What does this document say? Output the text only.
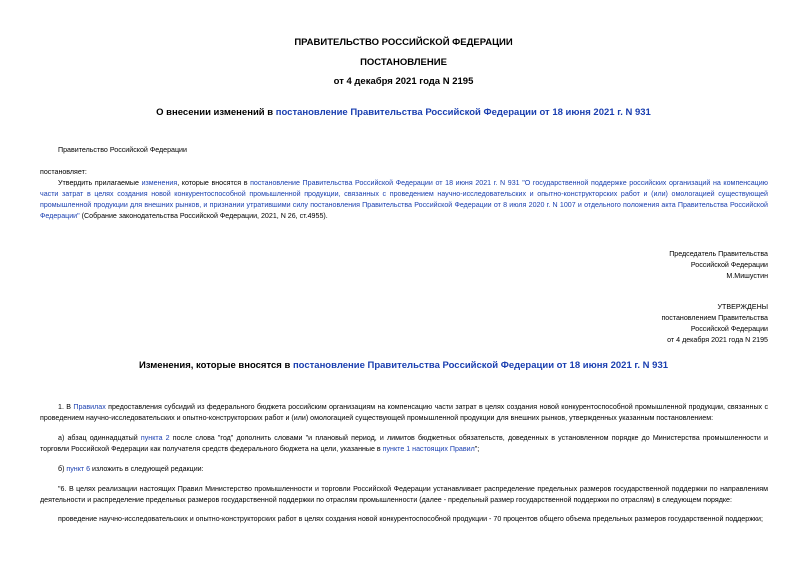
ПРАВИТЕЛЬСТВО РОССИЙСКОЙ ФЕДЕРАЦИИ
ПОСТАНОВЛЕНИЕ
от 4 декабря 2021 года N 2195
О внесении изменений в постановление Правительства Российской Федерации от 18 июня 2021 г. N 931
Правительство Российской Федерации
постановляет:
Утвердить прилагаемые изменения, которые вносятся в постановление Правительства Российской Федерации от 18 июня 2021 г. N 931 "О государственной поддержке российских организаций на компенсацию части затрат в целях создания новой конкурентоспособной промышленной продукции, связанных с проведением научно-исследовательских и опытно-конструкторских работ и (или) омологацией существующей промышленной продукции для внешних рынков, и признании утратившими силу постановления Правительства Российской Федерации от 8 июля 2020 г. N 1007 и отдельного положения акта Правительства Российской Федерации" (Собрание законодательства Российской Федерации, 2021, N 26, ст.4955).
Председатель Правительства
Российской Федерации
М.Мишустин
УТВЕРЖДЕНЫ
постановлением Правительства
Российской Федерации
от 4 декабря 2021 года N 2195
Изменения, которые вносятся в постановление Правительства Российской Федерации от 18 июня 2021 г. N 931
1. В Правилах предоставления субсидий из федерального бюджета российским организациям на компенсацию части затрат в целях создания новой конкурентоспособной промышленной продукции, связанных с проведением научно-исследовательских и опытно-конструкторских работ и (или) омологацией существующей промышленной продукции для внешних рынков, утвержденных указанным постановлением:
а) абзац одиннадцатый пункта 2 после слова "год" дополнить словами "и плановый период, и лимитов бюджетных обязательств, доведенных в установленном порядке до Министерства промышленности и торговли Российской Федерации как получателя средств федерального бюджета на цели, указанные в пункте 1 настоящих Правил";
б) пункт 6 изложить в следующей редакции:
"6. В целях реализации настоящих Правил Министерство промышленности и торговли Российской Федерации устанавливает распределение предельных размеров государственной поддержки по направлениям деятельности и распределение предельных размеров государственной поддержки по отраслям промышленности (далее - предельный размер государственной поддержки по отраслям) в следующем порядке:
проведение научно-исследовательских и опытно-конструкторских работ в целях создания новой конкурентоспособной продукции - 70 процентов общего объема предельных размеров государственной поддержки;
